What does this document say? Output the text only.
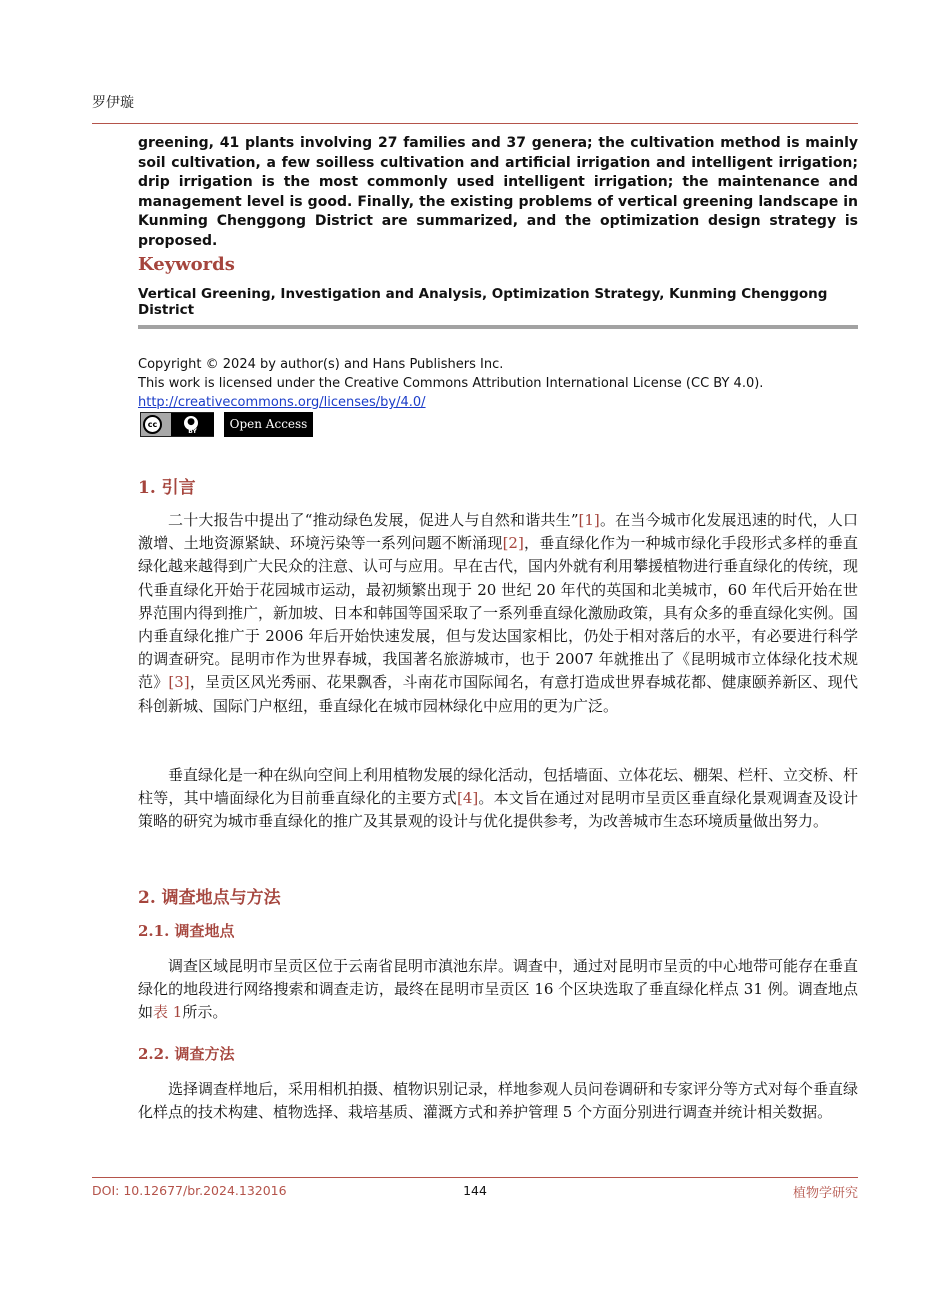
罗伊璇
greening, 41 plants involving 27 families and 37 genera; the cultivation method is mainly soil cultivation, a few soilless cultivation and artificial irrigation and intelligent irrigation; drip irrigation is the most commonly used intelligent irrigation; the maintenance and management level is good. Finally, the existing problems of vertical greening landscape in Kunming Chenggong District are summarized, and the optimization design strategy is proposed.
Keywords
Vertical Greening, Investigation and Analysis, Optimization Strategy, Kunming Chenggong District
Copyright © 2024 by author(s) and Hans Publishers Inc.
This work is licensed under the Creative Commons Attribution International License (CC BY 4.0).
http://creativecommons.org/licenses/by/4.0/
cc	●
BY
Open Access
1. 引言
二十大报告中提出了“推动绿色发展，促进人与自然和谐共生”[1]。在当今城市化发展迅速的时代，人口激增、土地资源紧缺、环境污染等一系列问题不断涌现[2]，垂直绿化作为一种城市绿化手段形式多样的垂直绿化越来越得到广大民众的注意、认可与应用。早在古代，国内外就有利用攀援植物进行垂直绿化的传统，现代垂直绿化开始于花园城市运动，最初频繁出现于 20 世纪 20 年代的英国和北美城市，60 年代后开始在世界范围内得到推广，新加坡、日本和韩国等国采取了一系列垂直绿化激励政策，具有众多的垂直绿化实例。国内垂直绿化推广于 2006 年后开始快速发展，但与发达国家相比，仍处于相对落后的水平，有必要进行科学的调查研究。昆明市作为世界春城，我国著名旅游城市，也于 2007 年就推出了《昆明城市立体绿化技术规范》[3]，呈贡区风光秀丽、花果飘香，斗南花市国际闻名，有意打造成世界春城花都、健康颐养新区、现代科创新城、国际门户枢纽，垂直绿化在城市园林绿化中应用的更为广泛。
垂直绿化是一种在纵向空间上利用植物发展的绿化活动，包括墙面、立体花坛、棚架、栏杆、立交桥、杆柱等，其中墙面绿化为目前垂直绿化的主要方式[4]。本文旨在通过对昆明市呈贡区垂直绿化景观调查及设计策略的研究为城市垂直绿化的推广及其景观的设计与优化提供参考，为改善城市生态环境质量做出努力。
2. 调查地点与方法
2.1. 调查地点
调查区域昆明市呈贡区位于云南省昆明市滇池东岸。调查中，通过对昆明市呈贡的中心地带可能存在垂直绿化的地段进行网络搜索和调查走访，最终在昆明市呈贡区 16 个区块选取了垂直绿化样点 31 例。调查地点如表 1所示。
2.2. 调查方法
选择调查样地后，采用相机拍摄、植物识别记录，样地参观人员问卷调研和专家评分等方式对每个垂直绿化样点的技术构建、植物选择、栽培基质、灌溉方式和养护管理 5 个方面分别进行调查并统计相关数据。
DOI: 10.12677/br.2024.132016	144	植物学研究
